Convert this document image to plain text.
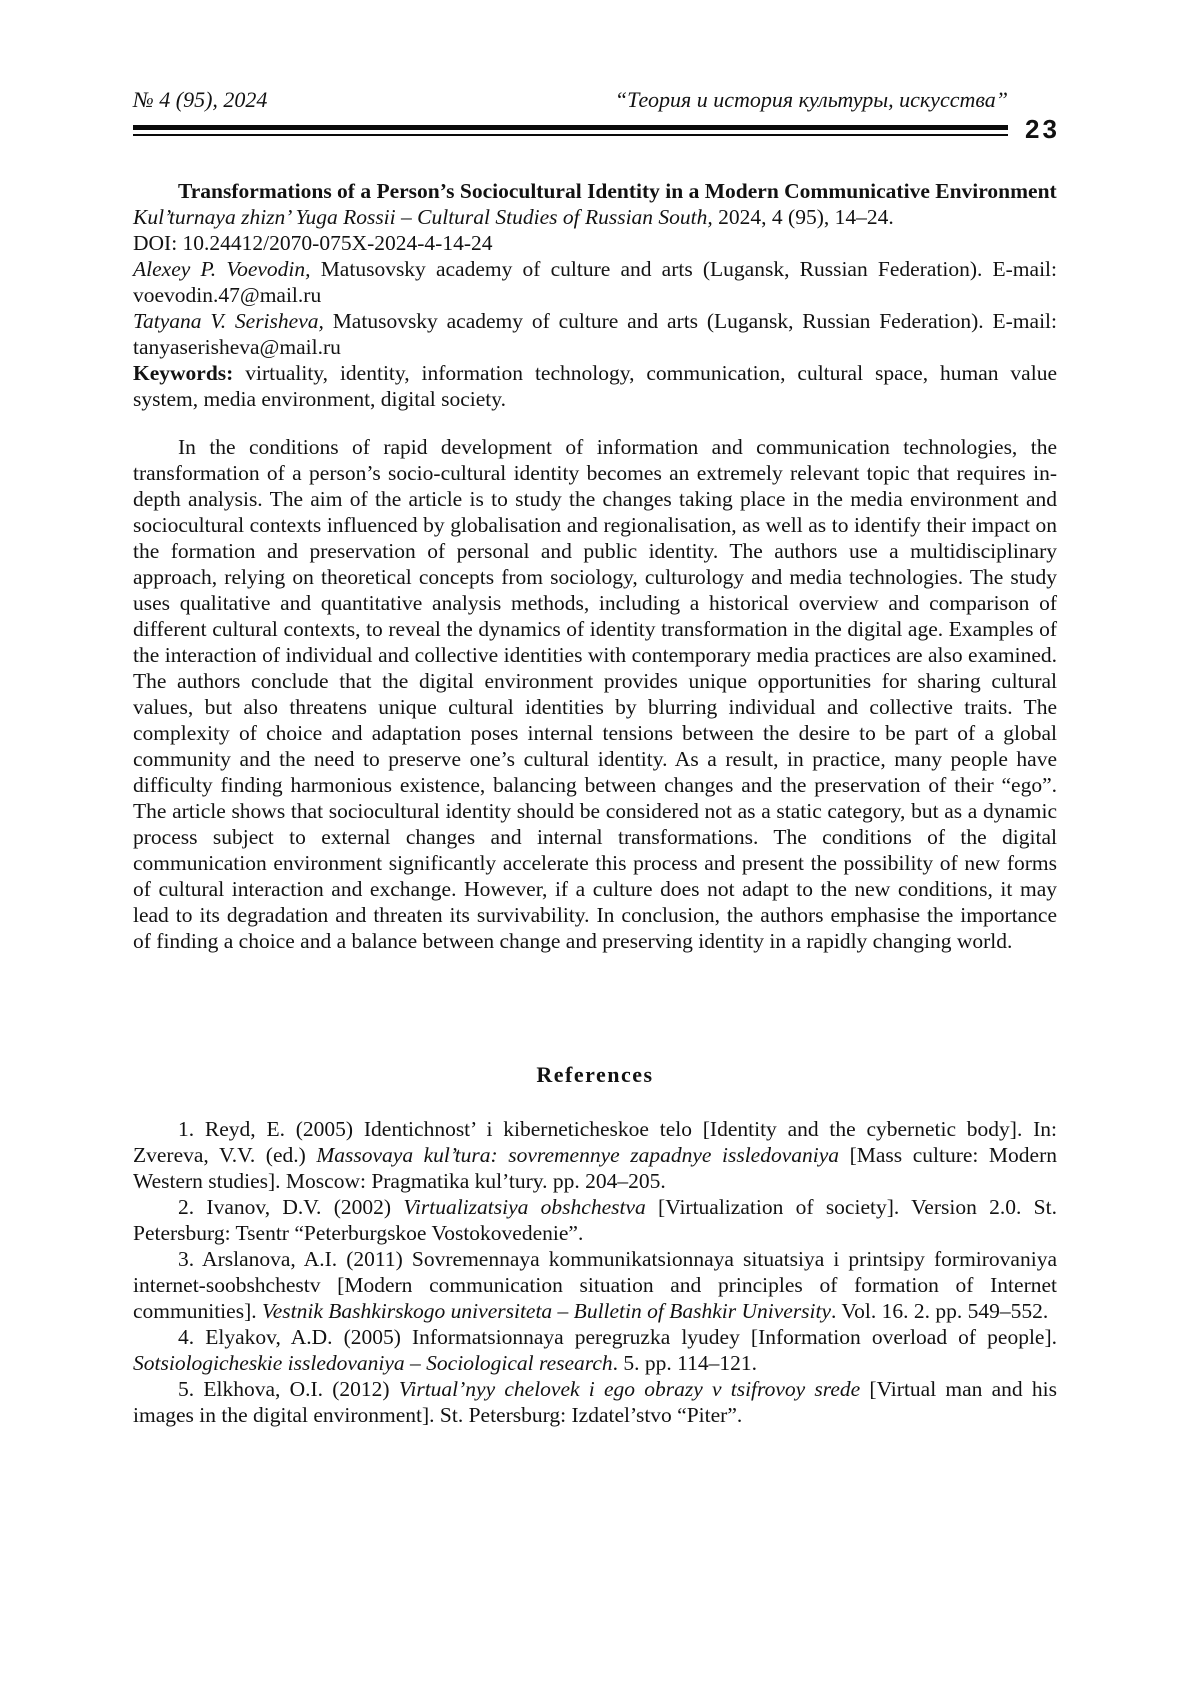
№ 4 (95), 2024	“Теория и история культуры, искусства”
23

Transformations of a Person’s Sociocultural Identity in a Modern Communicative Environment

Kul’turnaya zhizn’ Yuga Rossii – Cultural Studies of Russian South, 2024, 4 (95), 14–24.

DOI: 10.24412/2070-075X-2024-4-14-24

Alexey P. Voevodin, Matusovsky academy of culture and arts (Lugansk, Russian Federation). E-mail: voevodin.47@mail.ru

Tatyana V. Serisheva, Matusovsky academy of culture and arts (Lugansk, Russian Federation). E-mail: tanyaserisheva@mail.ru

Keywords: virtuality, identity, information technology, communication, cultural space, human value system, media environment, digital society.

In the conditions of rapid development of information and communication technologies, the transformation of a person’s socio-cultural identity becomes an extremely relevant topic that requires in-depth analysis. The aim of the article is to study the changes taking place in the media environment and sociocultural contexts influenced by globalisation and regionalisation, as well as to identify their impact on the formation and preservation of personal and public identity. The authors use a multidisciplinary approach, relying on theoretical concepts from sociology, culturology and media technologies. The study uses qualitative and quantitative analysis methods, including a historical overview and comparison of different cultural contexts, to reveal the dynamics of identity transformation in the digital age. Examples of the interaction of individual and collective identities with contemporary media practices are also examined. The authors conclude that the digital environment provides unique opportunities for sharing cultural values, but also threatens unique cultural identities by blurring individual and collective traits. The complexity of choice and adaptation poses internal tensions between the desire to be part of a global community and the need to preserve one’s cultural identity. As a result, in practice, many people have difficulty finding harmonious existence, balancing between changes and the preservation of their “ego”. The article shows that sociocultural identity should be considered not as a static category, but as a dynamic process subject to external changes and internal transformations. The conditions of the digital communication environment significantly accelerate this process and present the possibility of new forms of cultural interaction and exchange. However, if a culture does not adapt to the new conditions, it may lead to its degradation and threaten its survivability. In conclusion, the authors emphasise the importance of finding a choice and a balance between change and preserving identity in a rapidly changing world.

References

1. Reyd, E. (2005) Identichnost’ i kiberneticheskoe telo [Identity and the cybernetic body]. In: Zvereva, V.V. (ed.) Massovaya kul’tura: sovremennye zapadnye issledovaniya [Mass culture: Modern Western studies]. Moscow: Pragmatika kul’tury. pp. 204–205.

2. Ivanov, D.V. (2002) Virtualizatsiya obshchestva [Virtualization of society]. Version 2.0. St. Petersburg: Tsentr “Peterburgskoe Vostokovedenie”.

3. Arslanova, A.I. (2011) Sovremennaya kommunikatsionnaya situatsiya i printsipy formirovaniya internet-soobshchestv [Modern communication situation and principles of formation of Internet communities]. Vestnik Bashkirskogo universiteta – Bulletin of Bashkir University. Vol. 16. 2. pp. 549–552.

4. Elyakov, A.D. (2005) Informatsionnaya peregruzka lyudey [Information overload of people]. Sotsiologicheskie issledovaniya – Sociological research. 5. pp. 114–121.

5. Elkhova, O.I. (2012) Virtual’nyy chelovek i ego obrazy v tsifrovoy srede [Virtual man and his images in the digital environment]. St. Petersburg: Izdatel’stvo “Piter”.
